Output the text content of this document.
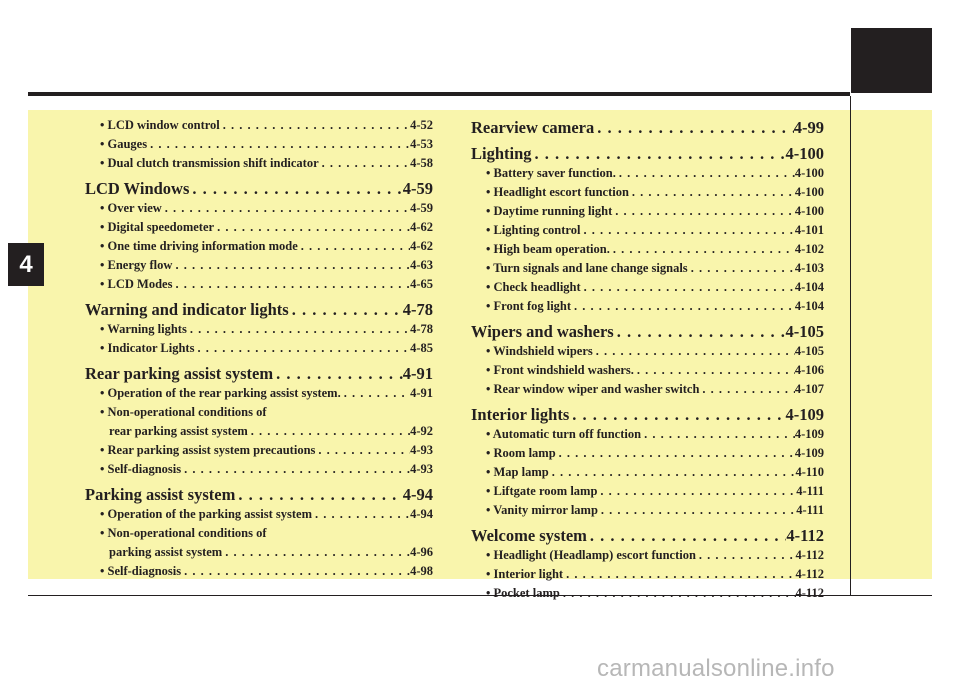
4
• LCD window control . . .	4-52
• Gauges . . .	4-53
• Dual clutch transmission shift indicator . . .	4-58
LCD Windows . . .	4-59
• Over view . . .	4-59
• Digital speedometer . . .	4-62
• One time driving information mode . . .	4-62
• Energy flow . . .	4-63
• LCD Modes . . .	4-65
Warning and indicator lights . . .	4-78
• Warning lights . . .	4-78
• Indicator Lights . . .	4-85
Rear parking assist system . . .	4-91
• Operation of the rear parking assist system. . . .	4-91
• Non-operational conditions of
rear parking assist system . . .	4-92
• Rear parking assist system precautions . . .	4-93
• Self-diagnosis . . .	4-93
Parking assist system . . .	4-94
• Operation of the parking assist system . . .	4-94
• Non-operational conditions of
parking assist system . . .	4-96
• Self-diagnosis . . .	4-98
Rearview camera . . .	4-99
Lighting . . .	4-100
• Battery saver function. . . .	4-100
• Headlight escort function . . .	4-100
• Daytime running light . . .	4-100
• Lighting control . . .	4-101
• High beam operation. . . .	4-102
• Turn signals and lane change signals . . .	4-103
• Check headlight . . .	4-104
• Front fog light . . .	4-104
Wipers and washers . . .	4-105
• Windshield wipers . . .	4-105
• Front windshield washers. . . .	4-106
• Rear window wiper and washer switch . . .	4-107
Interior lights . . .	4-109
• Automatic turn off function . . .	4-109
• Room lamp . . .	4-109
• Map lamp . . .	4-110
• Liftgate room lamp . . .	4-111
• Vanity mirror lamp . . .	4-111
Welcome system . . .	4-112
• Headlight (Headlamp) escort function . . .	4-112
• Interior light . . .	4-112
• Pocket lamp . . .	4-112
carmanualsonline.info
